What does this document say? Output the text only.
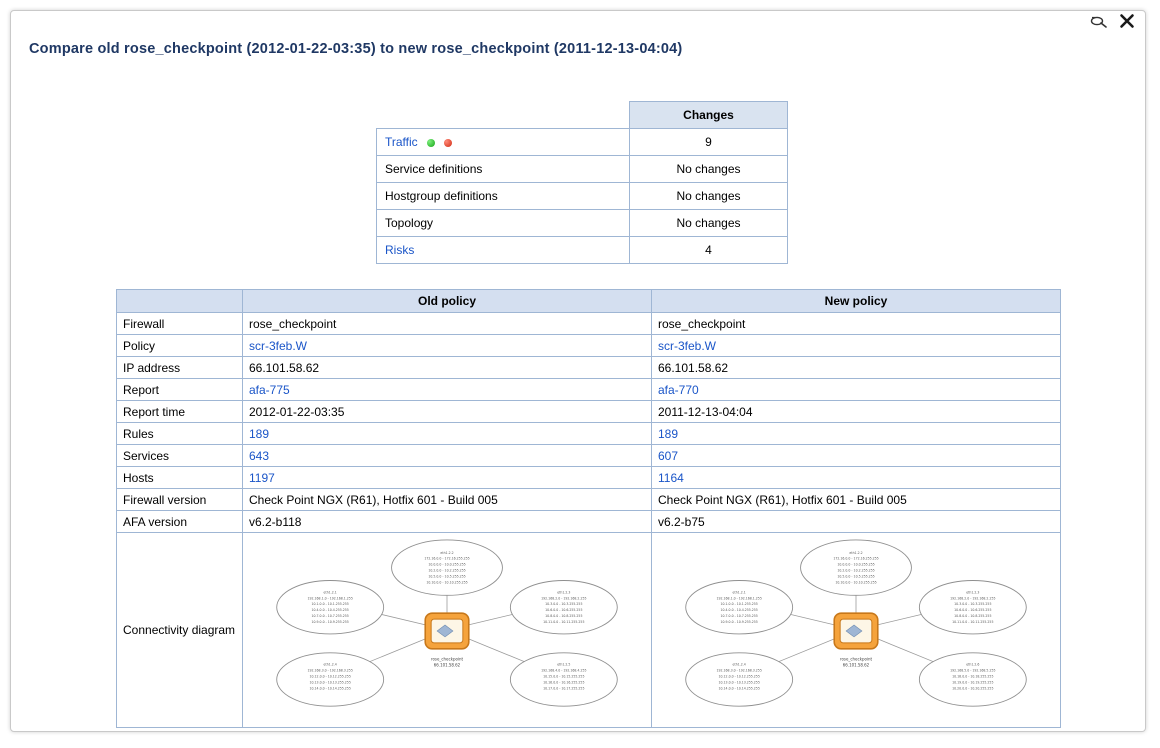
Compare old rose_checkpoint (2012-01-22-03:35) to new rose_checkpoint (2011-12-13-04:04)
	Changes
Traffic	9
Service definitions	No changes
Hostgroup definitions	No changes
Topology	No changes
Risks	4
	Old policy	New policy
Firewall	rose_checkpoint	rose_checkpoint
Policy	scr-3feb.W	scr-3feb.W
IP address	66.101.58.62	66.101.58.62
Report	afa-775	afa-770
Report time	2012-01-22-03:35	2011-12-13-04:04
Rules	189	189
Services	643	607
Hosts	1197	1164
Firewall version	Check Point NGX (R61), Hotfix 601 - Build 005	Check Point NGX (R61), Hotfix 601 - Build 005
AFA version	v6.2-b118	v6.2-b75
Connectivity diagram	
eth1.2.2
172.16.0.0 - 172.16.255.255
10.0.0.0 - 10.0.255.255
10.2.0.0 - 10.2.255.255
10.5.0.0 - 10.5.255.255
10.10.0.0 - 10.10.255.255
eth1.2.1
192.168.1.0 - 192.168.1.255
10.1.0.0 - 10.1.255.255
10.4.0.0 - 10.4.255.255
10.7.0.0 - 10.7.255.255
10.9.0.0 - 10.9.255.255
eth1.2.3
192.168.2.0 - 192.168.2.255
10.3.0.0 - 10.3.255.255
10.6.0.0 - 10.6.255.255
10.8.0.0 - 10.8.255.255
10.11.0.0 - 10.11.255.255
eth1.2.4
192.168.3.0 - 192.168.3.255
10.12.0.0 - 10.12.255.255
10.13.0.0 - 10.13.255.255
10.14.0.0 - 10.14.255.255
eth1.2.5
192.168.4.0 - 192.168.4.255
10.15.0.0 - 10.15.255.255
10.16.0.0 - 10.16.255.255
10.17.0.0 - 10.17.255.255
rose_checkpoint
66.101.58.62

eth1.2.2
172.16.0.0 - 172.16.255.255
10.0.0.0 - 10.0.255.255
10.2.0.0 - 10.2.255.255
10.5.0.0 - 10.5.255.255
10.10.0.0 - 10.10.255.255
eth1.2.1
192.168.1.0 - 192.168.1.255
10.1.0.0 - 10.1.255.255
10.4.0.0 - 10.4.255.255
10.7.0.0 - 10.7.255.255
10.9.0.0 - 10.9.255.255
eth1.2.3
192.168.2.0 - 192.168.2.255
10.3.0.0 - 10.3.255.255
10.6.0.0 - 10.6.255.255
10.8.0.0 - 10.8.255.255
10.11.0.0 - 10.11.255.255
eth1.2.4
192.168.3.0 - 192.168.3.255
10.12.0.0 - 10.12.255.255
10.13.0.0 - 10.13.255.255
10.14.0.0 - 10.14.255.255
eth1.2.6
192.168.5.0 - 192.168.5.255
10.18.0.0 - 10.18.255.255
10.19.0.0 - 10.19.255.255
10.20.0.0 - 10.20.255.255
rose_checkpoint
66.101.58.62
